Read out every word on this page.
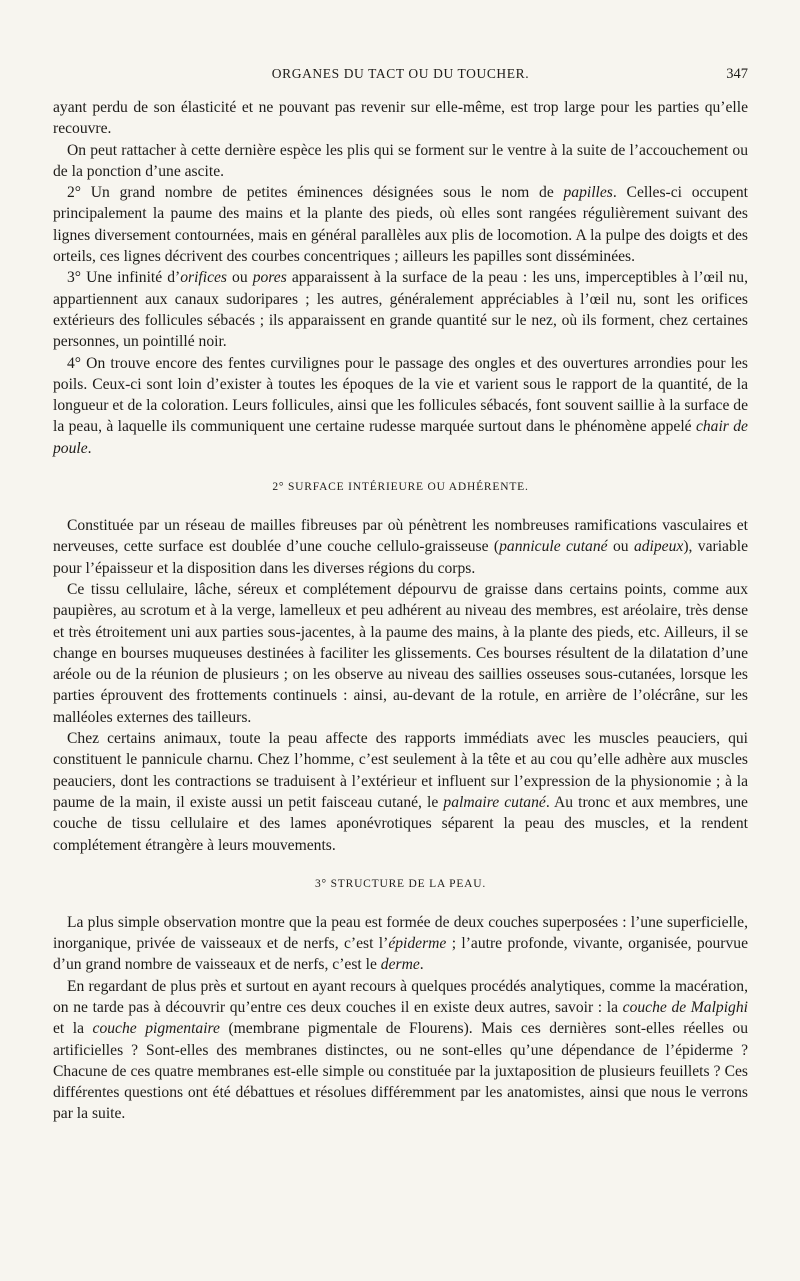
ORGANES DU TACT OU DU TOUCHER.	347

ayant perdu de son élasticité et ne pouvant pas revenir sur elle-même, est trop large pour les parties qu’elle recouvre.

On peut rattacher à cette dernière espèce les plis qui se forment sur le ventre à la suite de l’accouchement ou de la ponction d’une ascite.

2° Un grand nombre de petites éminences désignées sous le nom de papilles. Celles-ci occupent principalement la paume des mains et la plante des pieds, où elles sont rangées régulièrement suivant des lignes diversement contournées, mais en général parallèles aux plis de locomotion. A la pulpe des doigts et des orteils, ces lignes décrivent des courbes concentriques ; ailleurs les papilles sont disséminées.

3° Une infinité d’orifices ou pores apparaissent à la surface de la peau : les uns, imperceptibles à l’œil nu, appartiennent aux canaux sudoripares ; les autres, généralement appréciables à l’œil nu, sont les orifices extérieurs des follicules sébacés ; ils apparaissent en grande quantité sur le nez, où ils forment, chez certaines personnes, un pointillé noir.

4° On trouve encore des fentes curvilignes pour le passage des ongles et des ouvertures arrondies pour les poils. Ceux-ci sont loin d’exister à toutes les époques de la vie et varient sous le rapport de la quantité, de la longueur et de la coloration. Leurs follicules, ainsi que les follicules sébacés, font souvent saillie à la surface de la peau, à laquelle ils communiquent une certaine rudesse marquée surtout dans le phénomène appelé chair de poule.

2° SURFACE INTÉRIEURE OU ADHÉRENTE.

Constituée par un réseau de mailles fibreuses par où pénètrent les nombreuses ramifications vasculaires et nerveuses, cette surface est doublée d’une couche cellulo-graisseuse (pannicule cutané ou adipeux), variable pour l’épaisseur et la disposition dans les diverses régions du corps.

Ce tissu cellulaire, lâche, séreux et complétement dépourvu de graisse dans certains points, comme aux paupières, au scrotum et à la verge, lamelleux et peu adhérent au niveau des membres, est aréolaire, très dense et très étroitement uni aux parties sous-jacentes, à la paume des mains, à la plante des pieds, etc. Ailleurs, il se change en bourses muqueuses destinées à faciliter les glissements. Ces bourses résultent de la dilatation d’une aréole ou de la réunion de plusieurs ; on les observe au niveau des saillies osseuses sous-cutanées, lorsque les parties éprouvent des frottements continuels : ainsi, au-devant de la rotule, en arrière de l’olécrâne, sur les malléoles externes des tailleurs.

Chez certains animaux, toute la peau affecte des rapports immédiats avec les muscles peauciers, qui constituent le pannicule charnu. Chez l’homme, c’est seulement à la tête et au cou qu’elle adhère aux muscles peauciers, dont les contractions se traduisent à l’extérieur et influent sur l’expression de la physionomie ; à la paume de la main, il existe aussi un petit faisceau cutané, le palmaire cutané. Au tronc et aux membres, une couche de tissu cellulaire et des lames aponévrotiques séparent la peau des muscles, et la rendent complétement étrangère à leurs mouvements.

3° STRUCTURE DE LA PEAU.

La plus simple observation montre que la peau est formée de deux couches superposées : l’une superficielle, inorganique, privée de vaisseaux et de nerfs, c’est l’épiderme ; l’autre profonde, vivante, organisée, pourvue d’un grand nombre de vaisseaux et de nerfs, c’est le derme.

En regardant de plus près et surtout en ayant recours à quelques procédés analytiques, comme la macération, on ne tarde pas à découvrir qu’entre ces deux couches il en existe deux autres, savoir : la couche de Malpighi et la couche pigmentaire (membrane pigmentale de Flourens). Mais ces dernières sont-elles réelles ou artificielles ? Sont-elles des membranes distinctes, ou ne sont-elles qu’une dépendance de l’épiderme ? Chacune de ces quatre membranes est-elle simple ou constituée par la juxtaposition de plusieurs feuillets ? Ces différentes questions ont été débattues et résolues différemment par les anatomistes, ainsi que nous le verrons par la suite.
